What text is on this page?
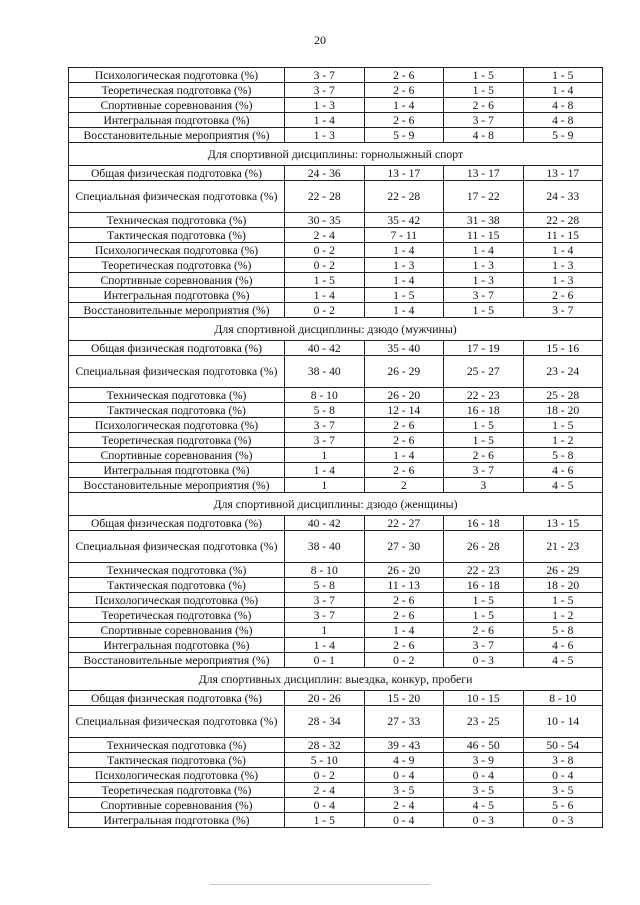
20
Психологическая подготовка (%)	3 - 7	2 - 6	1 - 5	1 - 5
Теоретическая подготовка (%)	3 - 7	2 - 6	1 - 5	1 - 4
Спортивные соревнования (%)	1 - 3	1 - 4	2 - 6	4 - 8
Интегральная подготовка (%)	1 - 4	2 - 6	3 - 7	4 - 8
Восстановительные мероприятия (%)	1 - 3	5 - 9	4 - 8	5 - 9
Для спортивной дисциплины: горнолыжный спорт				
Общая физическая подготовка (%)	24 - 36	13 - 17	13 - 17	13 - 17
Специальная физическая подготовка (%)	22 - 28	22 - 28	17 - 22	24 - 33
Техническая подготовка (%)	30 - 35	35 - 42	31 - 38	22 - 28
Тактическая подготовка (%)	2 - 4	7 - 11	11 - 15	11 - 15
Психологическая подготовка (%)	0 - 2	1 - 4	1 - 4	1 - 4
Теоретическая подготовка (%)	0 - 2	1 - 3	1 - 3	1 - 3
Спортивные соревнования (%)	1 - 5	1 - 4	1 - 3	1 - 3
Интегральная подготовка (%)	1 - 4	1 - 5	3 - 7	2 - 6
Восстановительные мероприятия (%)	0 - 2	1 - 4	1 - 5	3 - 7
Для спортивной дисциплины: дзюдо (мужчины)				
Общая физическая подготовка (%)	40 - 42	35 - 40	17 - 19	15 - 16
Специальная физическая подготовка (%)	38 - 40	26 - 29	25 - 27	23 - 24
Техническая подготовка (%)	8 - 10	26 - 20	22 - 23	25 - 28
Тактическая подготовка (%)	5 - 8	12 - 14	16 - 18	18 - 20
Психологическая подготовка (%)	3 - 7	2 - 6	1 - 5	1 - 5
Теоретическая подготовка (%)	3 - 7	2 - 6	1 - 5	1 - 2
Спортивные соревнования (%)	1	1 - 4	2 - 6	5 - 8
Интегральная подготовка (%)	1 - 4	2 - 6	3 - 7	4 - 6
Восстановительные мероприятия (%)	1	2	3	4 - 5
Для спортивной дисциплины: дзюдо (женщины)				
Общая физическая подготовка (%)	40 - 42	22 - 27	16 - 18	13 - 15
Специальная физическая подготовка (%)	38 - 40	27 - 30	26 - 28	21 - 23
Техническая подготовка (%)	8 - 10	26 - 20	22 - 23	26 - 29
Тактическая подготовка (%)	5 - 8	11 - 13	16 - 18	18 - 20
Психологическая подготовка (%)	3 - 7	2 - 6	1 - 5	1 - 5
Теоретическая подготовка (%)	3 - 7	2 - 6	1 - 5	1 - 2
Спортивные соревнования (%)	1	1 - 4	2 - 6	5 - 8
Интегральная подготовка (%)	1 - 4	2 - 6	3 - 7	4 - 6
Восстановительные мероприятия (%)	0 - 1	0 - 2	0 - 3	4 - 5
Для спортивных дисциплин: выездка, конкур, пробеги				
Общая физическая подготовка (%)	20 - 26	15 - 20	10 - 15	8 - 10
Специальная физическая подготовка (%)	28 - 34	27 - 33	23 - 25	10 - 14
Техническая подготовка (%)	28 - 32	39 - 43	46 - 50	50 - 54
Тактическая подготовка (%)	5 - 10	4 - 9	3 - 9	3 - 8
Психологическая подготовка (%)	0 - 2	0 - 4	0 - 4	0 - 4
Теоретическая подготовка (%)	2 - 4	3 - 5	3 - 5	3 - 5
Спортивные соревнования (%)	0 - 4	2 - 4	4 - 5	5 - 6
Интегральная подготовка (%)	1 - 5	0 - 4	0 - 3	0 - 3
